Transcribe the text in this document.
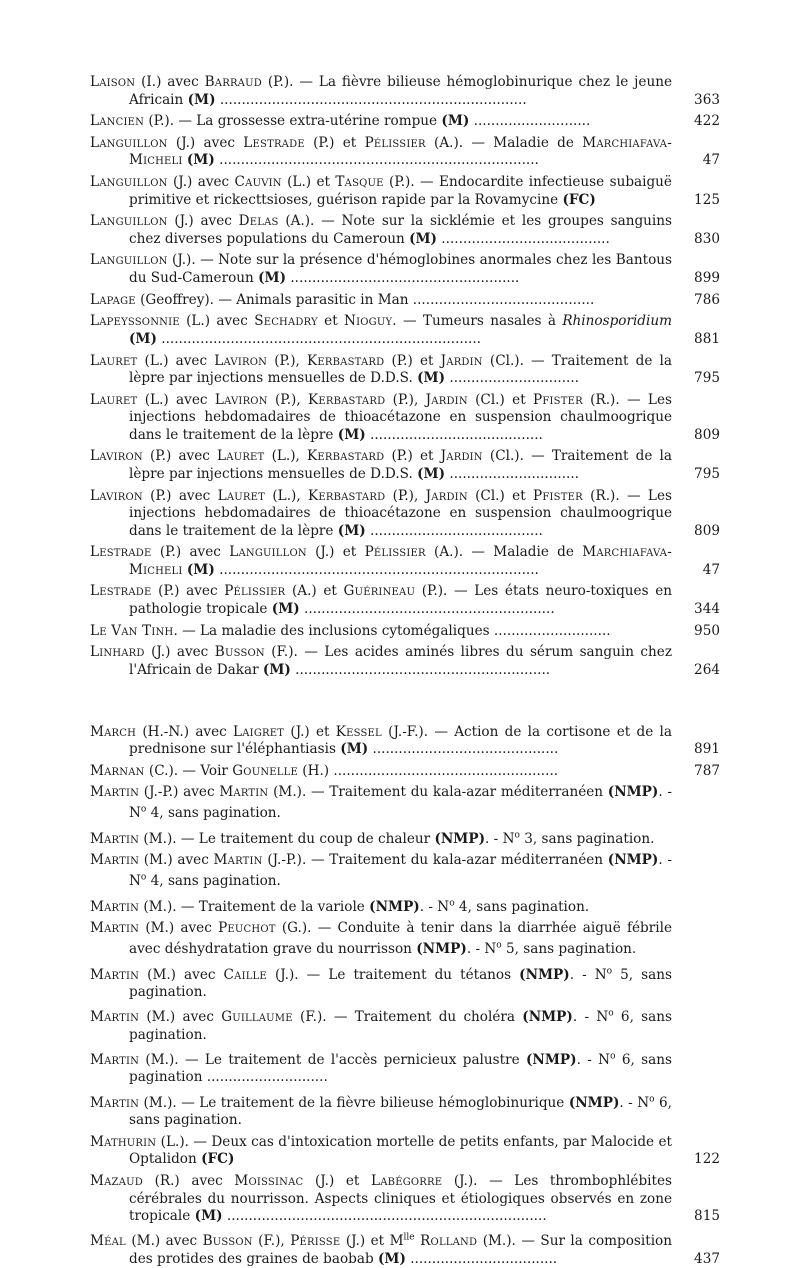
Laison (I.) avec Barraud (P.). — La fièvre bilieuse hémoglobinurique chez le jeune Africain (M) .......................................................................	363
Lancien (P.). — La grossesse extra-utérine rompue (M) ...........................	422
Languillon (J.) avec Lestrade (P.) et Pélissier (A.). — Maladie de Marchiafava-Micheli (M) ..........................................................................	47
Languillon (J.) avec Cauvin (L.) et Tasque (P.). — Endocardite infectieuse subaiguë primitive et rickecttsioses, guérison rapide par la Rovamycine (FC)	125
Languillon (J.) avec Delas (A.). — Note sur la sicklémie et les groupes sanguins chez diverses populations du Cameroun (M) .......................................	830
Languillon (J.). — Note sur la présence d'hémoglobines anormales chez les Bantous du Sud-Cameroun (M) .....................................................	899
Lapage (Geoffrey). — Animals parasitic in Man ..........................................	786
Lapeyssonnie (L.) avec Sechadry et Nioguy. — Tumeurs nasales à Rhinosporidium (M) ..........................................................................	881
Lauret (L.) avec Laviron (P.), Kerbastard (P.) et Jardin (Cl.). — Traitement de la lèpre par injections mensuelles de D.D.S. (M) ..............................	795
Lauret (L.) avec Laviron (P.), Kerbastard (P.), Jardin (Cl.) et Pfister (R.). — Les injections hebdomadaires de thioacétazone en suspension chaulmoogrique dans le traitement de la lèpre (M) ........................................	809
Laviron (P.) avec Lauret (L.), Kerbastard (P.) et Jardin (Cl.). — Traitement de la lèpre par injections mensuelles de D.D.S. (M) ..............................	795
Laviron (P.) avec Lauret (L.), Kerbastard (P.), Jardin (Cl.) et Pfister (R.). — Les injections hebdomadaires de thioacétazone en suspension chaulmoogrique dans le traitement de la lèpre (M) ........................................	809
Lestrade (P.) avec Languillon (J.) et Pélissier (A.). — Maladie de Marchiafava-Micheli (M) ..........................................................................	47
Lestrade (P.) avec Pélissier (A.) et Guérineau (P.). — Les états neuro-toxiques en pathologie tropicale (M) ..........................................................	344
Le Van Tinh. — La maladie des inclusions cytomégaliques ...........................	950
Linhard (J.) avec Busson (F.). — Les acides aminés libres du sérum sanguin chez l'Africain de Dakar (M) ...........................................................	264
March (H.-N.) avec Laigret (J.) et Kessel (J.-F.). — Action de la cortisone et de la prednisone sur l'éléphantiasis (M) ...........................................	891
Marnan (C.). — Voir Gounelle (H.) ....................................................	787
Martin (J.-P.) avec Martin (M.). — Traitement du kala-azar méditerranéen (NMP). - $N^o$ 4, sans pagination.
Martin (M.). — Le traitement du coup de chaleur (NMP). - $N^o$ 3, sans pagination.
Martin (M.) avec Martin (J.-P.). — Traitement du kala-azar méditerranéen (NMP). - $N^o$ 4, sans pagination.
Martin (M.). — Traitement de la variole (NMP). - $N^o$ 4, sans pagination.
Martin (M.) avec Peuchot (G.). — Conduite à tenir dans la diarrhée aiguë fébrile avec déshydratation grave du nourrisson (NMP). - $N^o$ 5, sans pagination.
Martin (M.) avec Caille (J.). — Le traitement du tétanos (NMP). - $N^o$ 5, sans pagination.
Martin (M.) avec Guillaume (F.). — Traitement du choléra (NMP). - $N^o$ 6, sans pagination.
Martin (M.). — Le traitement de l'accès pernicieux palustre (NMP). - $N^o$ 6, sans pagination ............................
Martin (M.). — Le traitement de la fièvre bilieuse hémoglobinurique (NMP). - $N^o$ 6, sans pagination.
Mathurin (L.). — Deux cas d'intoxication mortelle de petits enfants, par Malocide et Optalidon (FC)	122
Mazaud (R.) avec Moissinac (J.) et Labégorre (J.). — Les thrombophlébites cérébrales du nourrisson. Aspects cliniques et étiologiques observés en zone tropicale (M) ..........................................................................	815
Méal (M.) avec Busson (F.), Périsse (J.) et $M^{lle}$ Rolland (M.). — Sur la composition des protides des graines de baobab (M) ..................................	437
